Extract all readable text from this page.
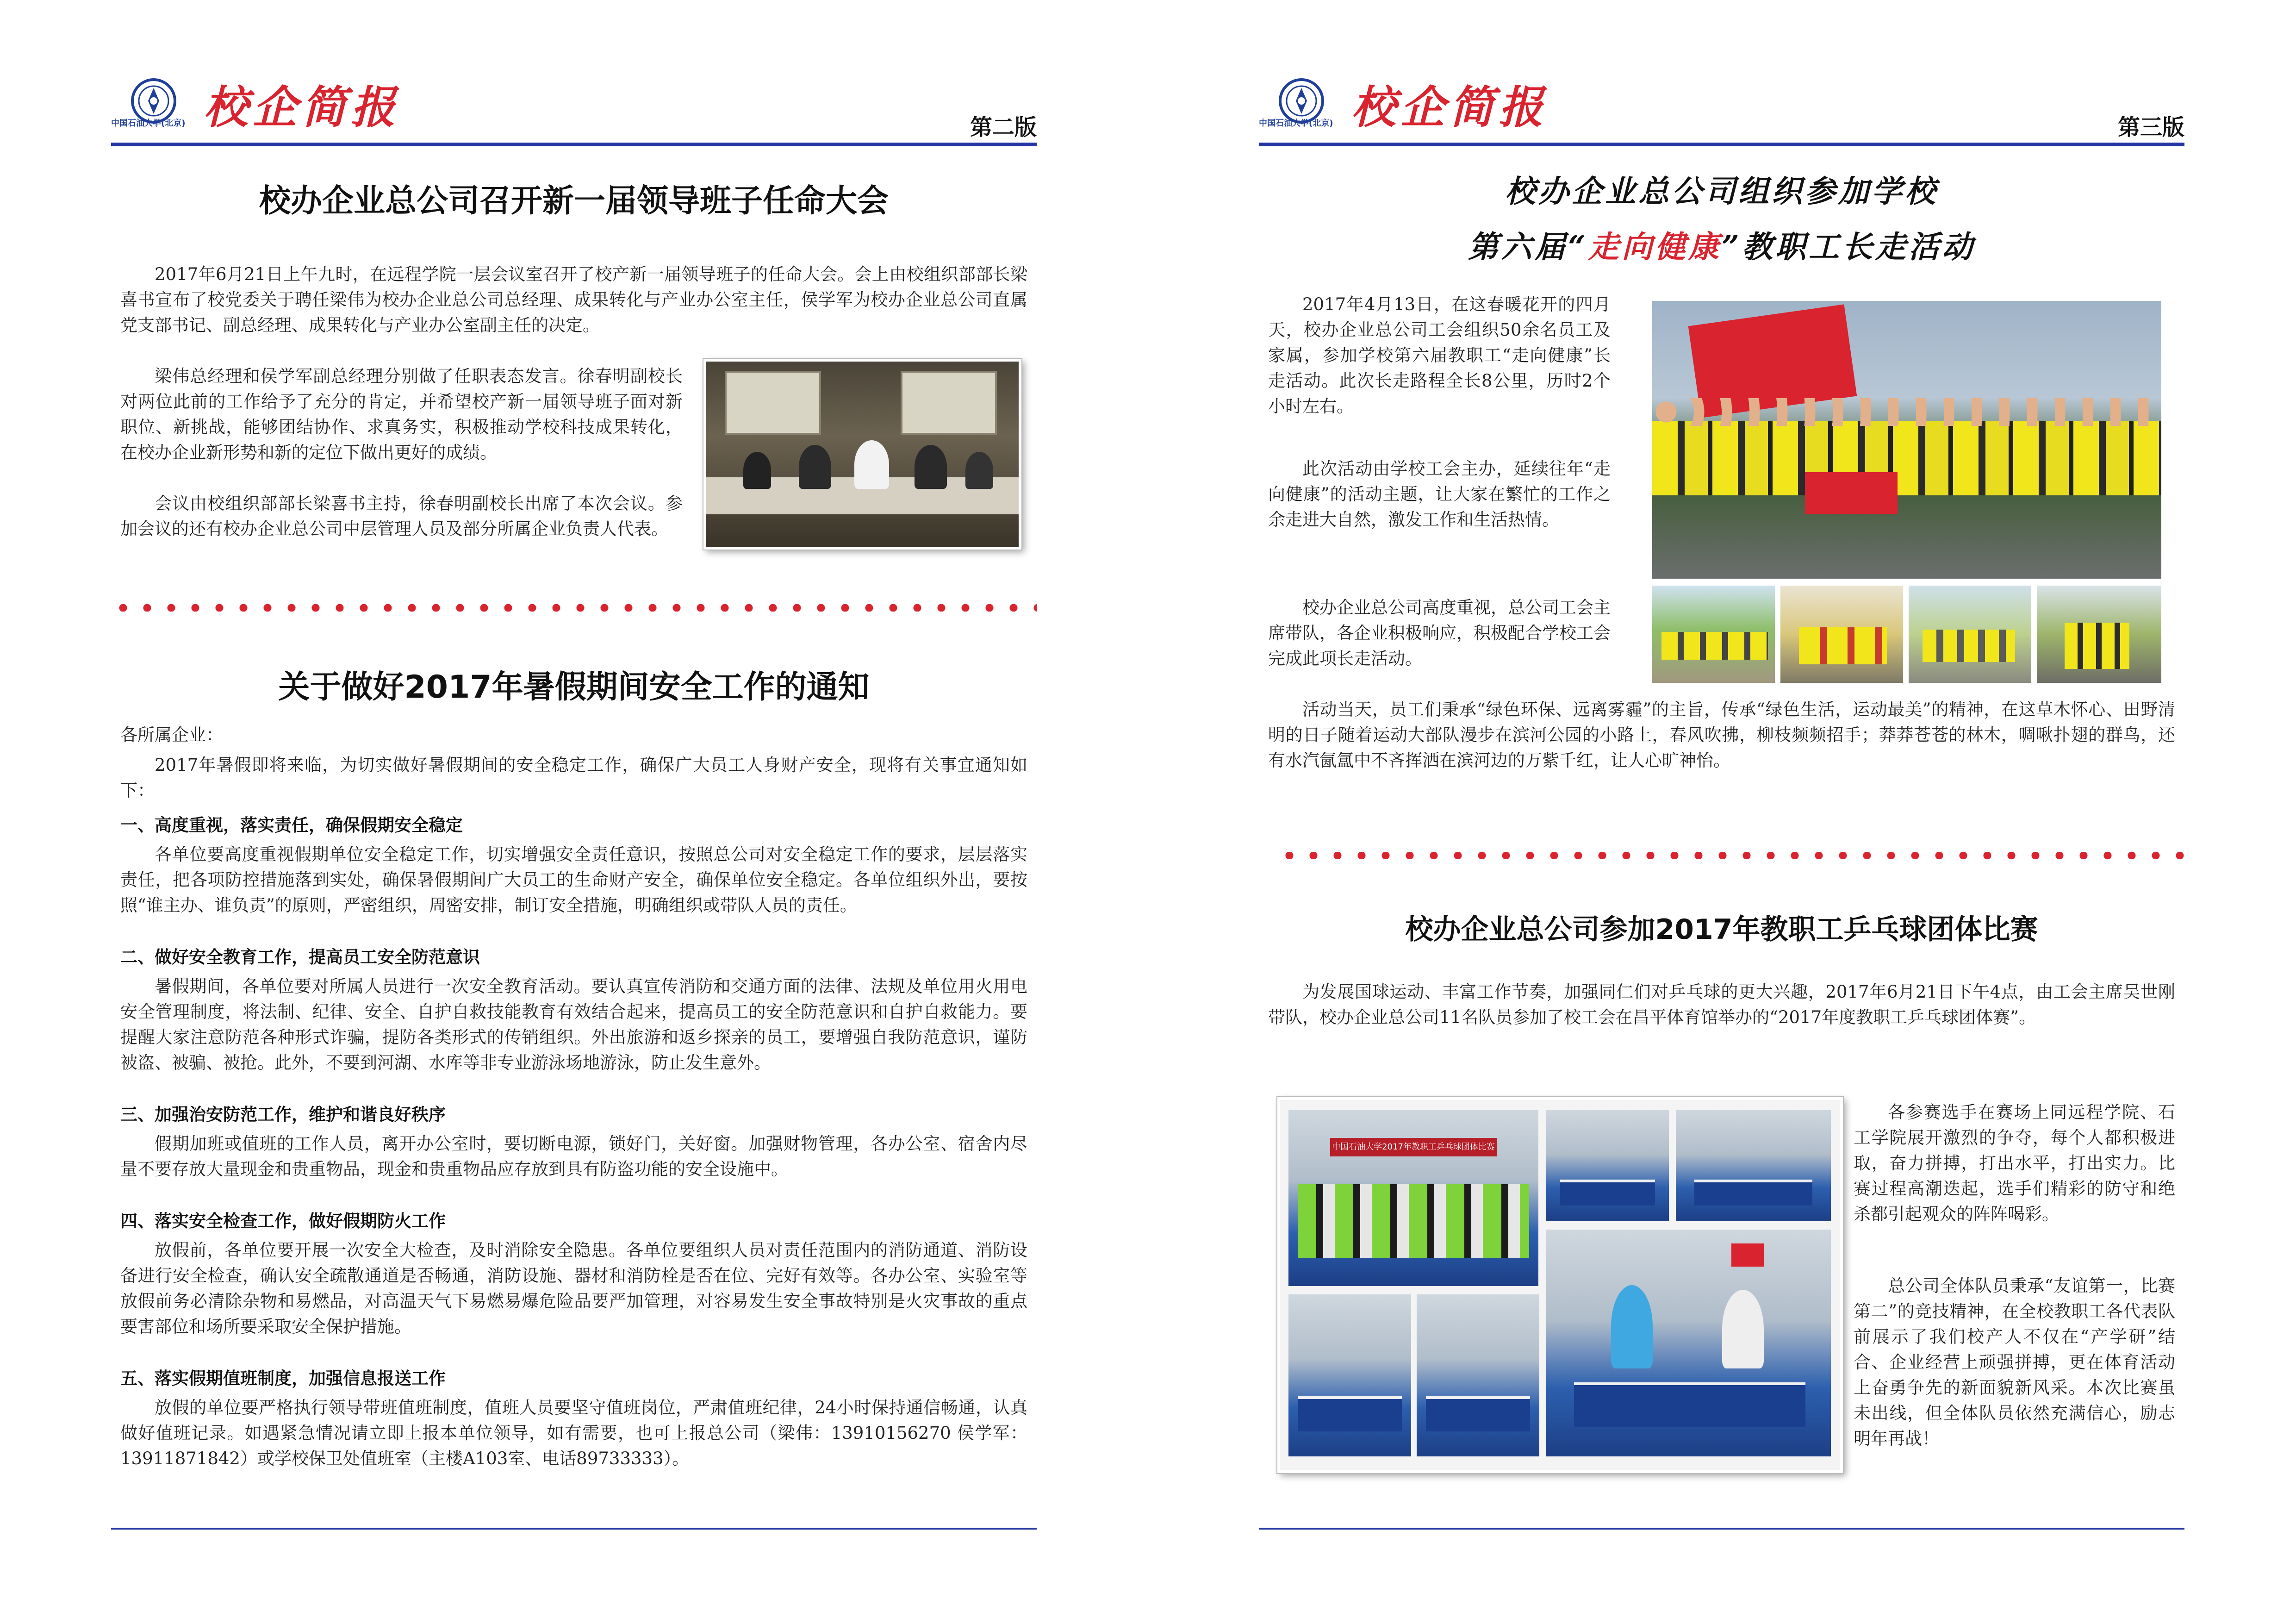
中国石油大学(北京) 校企简报	第二版
校办企业总公司召开新一届领导班子任命大会

2017年6月21日上午九时，在远程学院一层会议室召开了校产新一届领导班子的任命大会。会上由校组织部部长梁喜书宣布了校党委关于聘任梁伟为校办企业总公司总经理、成果转化与产业办公室主任，侯学军为校办企业总公司直属党支部书记、副总经理、成果转化与产业办公室副主任的决定。

梁伟总经理和侯学军副总经理分别做了任职表态发言。徐春明副校长对两位此前的工作给予了充分的肯定，并希望校产新一届领导班子面对新职位、新挑战，能够团结协作、求真务实，积极推动学校科技成果转化，在校办企业新形势和新的定位下做出更好的成绩。

会议由校组织部部长梁喜书主持，徐春明副校长出席了本次会议。参加会议的还有校办企业总公司中层管理人员及部分所属企业负责人代表。

关于做好2017年暑假期间安全工作的通知

各所属企业：

2017年暑假即将来临，为切实做好暑假期间的安全稳定工作，确保广大员工人身财产安全，现将有关事宜通知如下：

一、高度重视，落实责任，确保假期安全稳定

各单位要高度重视假期单位安全稳定工作，切实增强安全责任意识，按照总公司对安全稳定工作的要求，层层落实责任，把各项防控措施落到实处，确保暑假期间广大员工的生命财产安全，确保单位安全稳定。各单位组织外出，要按照“谁主办、谁负责”的原则，严密组织，周密安排，制订安全措施，明确组织或带队人员的责任。

二、做好安全教育工作，提高员工安全防范意识

暑假期间，各单位要对所属人员进行一次安全教育活动。要认真宣传消防和交通方面的法律、法规及单位用火用电安全管理制度，将法制、纪律、安全、自护自救技能教育有效结合起来，提高员工的安全防范意识和自护自救能力。要提醒大家注意防范各种形式诈骗，提防各类形式的传销组织。外出旅游和返乡探亲的员工，要增强自我防范意识，谨防被盗、被骗、被抢。此外，不要到河湖、水库等非专业游泳场地游泳，防止发生意外。

三、加强治安防范工作，维护和谐良好秩序

假期加班或值班的工作人员，离开办公室时，要切断电源，锁好门，关好窗。加强财物管理，各办公室、宿舍内尽量不要存放大量现金和贵重物品，现金和贵重物品应存放到具有防盗功能的安全设施中。

四、落实安全检查工作，做好假期防火工作

放假前，各单位要开展一次安全大检查，及时消除安全隐患。各单位要组织人员对责任范围内的消防通道、消防设备进行安全检查，确认安全疏散通道是否畅通，消防设施、器材和消防栓是否在位、完好有效等。各办公室、实验室等放假前务必清除杂物和易燃品，对高温天气下易燃易爆危险品要严加管理，对容易发生安全事故特别是火灾事故的重点要害部位和场所要采取安全保护措施。

五、落实假期值班制度，加强信息报送工作

放假的单位要严格执行领导带班值班制度，值班人员要坚守值班岗位，严肃值班纪律，24小时保持通信畅通，认真做好值班记录。如遇紧急情况请立即上报本单位领导，如有需要，也可上报总公司（梁伟：13910156270 侯学军：13911871842）或学校保卫处值班室（主楼A103室、电话89733333）。

中国石油大学(北京) 校企简报	第三版
校办企业总公司组织参加学校
第六届“走向健康”教职工长走活动

2017年4月13日，在这春暖花开的四月天，校办企业总公司工会组织50余名员工及家属，参加学校第六届教职工“走向健康”长走活动。此次长走路程全长8公里，历时2个小时左右。

此次活动由学校工会主办，延续往年“走向健康”的活动主题，让大家在繁忙的工作之余走进大自然，激发工作和生活热情。

校办企业总公司高度重视，总公司工会主席带队，各企业积极响应，积极配合学校工会完成此项长走活动。

活动当天，员工们秉承“绿色环保、远离雾霾”的主旨，传承“绿色生活，运动最美”的精神，在这草木怀心、田野清明的日子随着运动大部队漫步在滨河公园的小路上，春风吹拂，柳枝频频招手；莽莽苍苍的林木，啁啾扑翅的群鸟，还有水汽氤氲中不吝挥洒在滨河边的万紫千红，让人心旷神怡。

校办企业总公司参加2017年教职工乒乓球团体比赛

为发展国球运动、丰富工作节奏，加强同仁们对乒乓球的更大兴趣，2017年6月21日下午4点，由工会主席吴世刚带队，校办企业总公司11名队员参加了校工会在昌平体育馆举办的“2017年度教职工乒乓球团体赛”。

中国石油大学2017年教职工乒乓球团体比赛

各参赛选手在赛场上同远程学院、石工学院展开激烈的争夺，每个人都积极进取，奋力拼搏，打出水平，打出实力。比赛过程高潮迭起，选手们精彩的防守和绝杀都引起观众的阵阵喝彩。

总公司全体队员秉承“友谊第一，比赛第二”的竞技精神，在全校教职工各代表队前展示了我们校产人不仅在“产学研”结合、企业经营上顽强拼搏，更在体育活动上奋勇争先的新面貌新风采。本次比赛虽未出线，但全体队员依然充满信心，励志明年再战！
